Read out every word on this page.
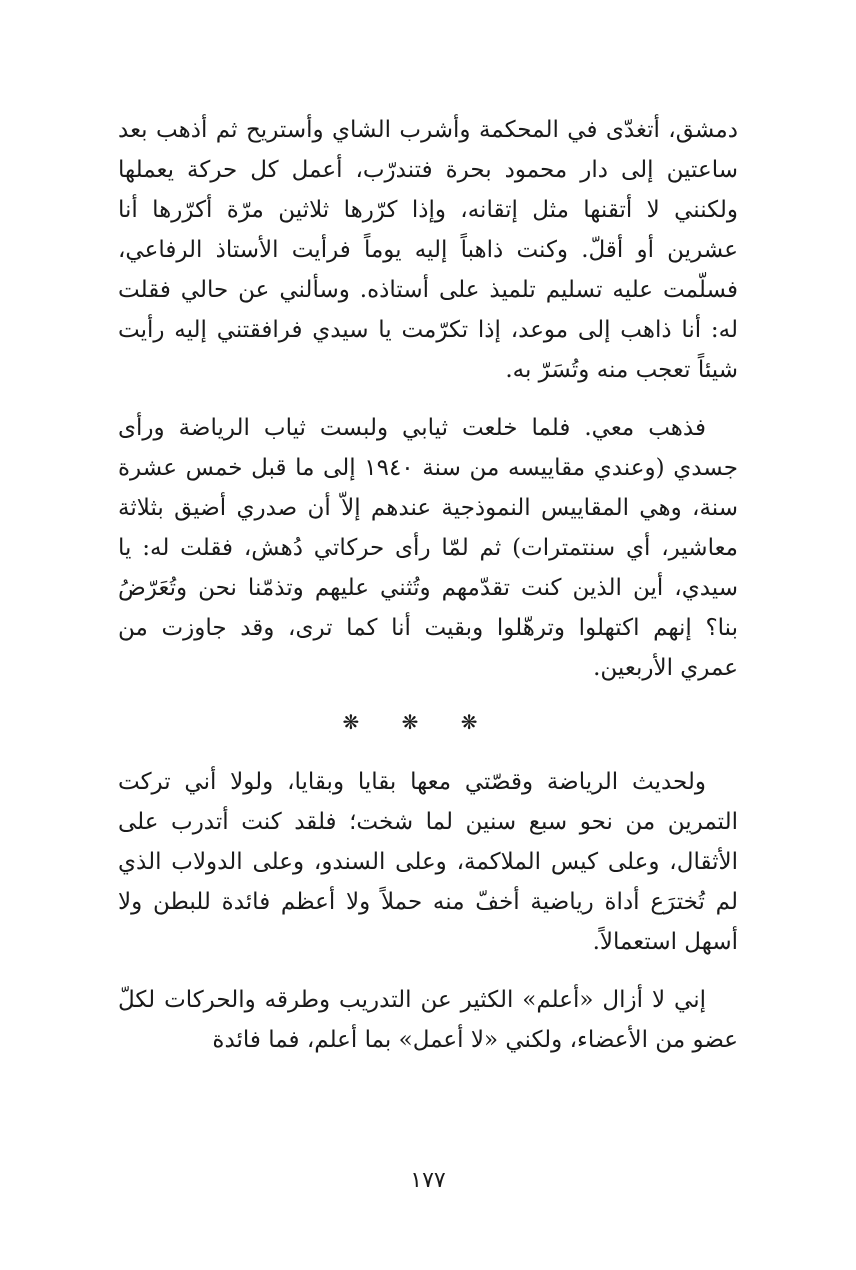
دمشق، أتغدّى في المحكمة وأشرب الشاي وأستريح ثم أذهب بعد ساعتين إلى دار محمود بحرة فتندرّب، أعمل كل حركة يعملها ولكنني لا أتقنها مثل إتقانه، وإذا كرّرها ثلاثين مرّة أكرّرها أنا عشرين أو أقلّ. وكنت ذاهباً إليه يوماً فرأيت الأستاذ الرفاعي، فسلّمت عليه تسليم تلميذ على أستاذه. وسألني عن حالي فقلت له: أنا ذاهب إلى موعد، إذا تكرّمت يا سيدي فرافقتني إليه رأيت شيئاً تعجب منه وتُسَرّ به.

فذهب معي. فلما خلعت ثيابي ولبست ثياب الرياضة ورأى جسدي (وعندي مقاييسه من سنة ١٩٤٠ إلى ما قبل خمس عشرة سنة، وهي المقاييس النموذجية عندهم إلاّ أن صدري أضيق بثلاثة معاشير، أي سنتمترات) ثم لمّا رأى حركاتي دُهش، فقلت له: يا سيدي، أين الذين كنت تقدّمهم وتُثني عليهم وتذمّنا نحن وتُعَرّضُ بنا؟ إنهم اكتهلوا وترهّلوا وبقيت أنا كما ترى، وقد جاوزت من عمري الأربعين.

❋ ❋ ❋

ولحديث الرياضة وقصّتي معها بقايا وبقايا، ولولا أني تركت التمرين من نحو سبع سنين لما شخت؛ فلقد كنت أتدرب على الأثقال، وعلى كيس الملاكمة، وعلى السندو، وعلى الدولاب الذي لم تُخترَع أداة رياضية أخفّ منه حملاً ولا أعظم فائدة للبطن ولا أسهل استعمالاً.

إني لا أزال «أعلم» الكثير عن التدريب وطرقه والحركات لكلّ عضو من الأعضاء، ولكني «لا أعمل» بما أعلم، فما فائدة

١٧٧
